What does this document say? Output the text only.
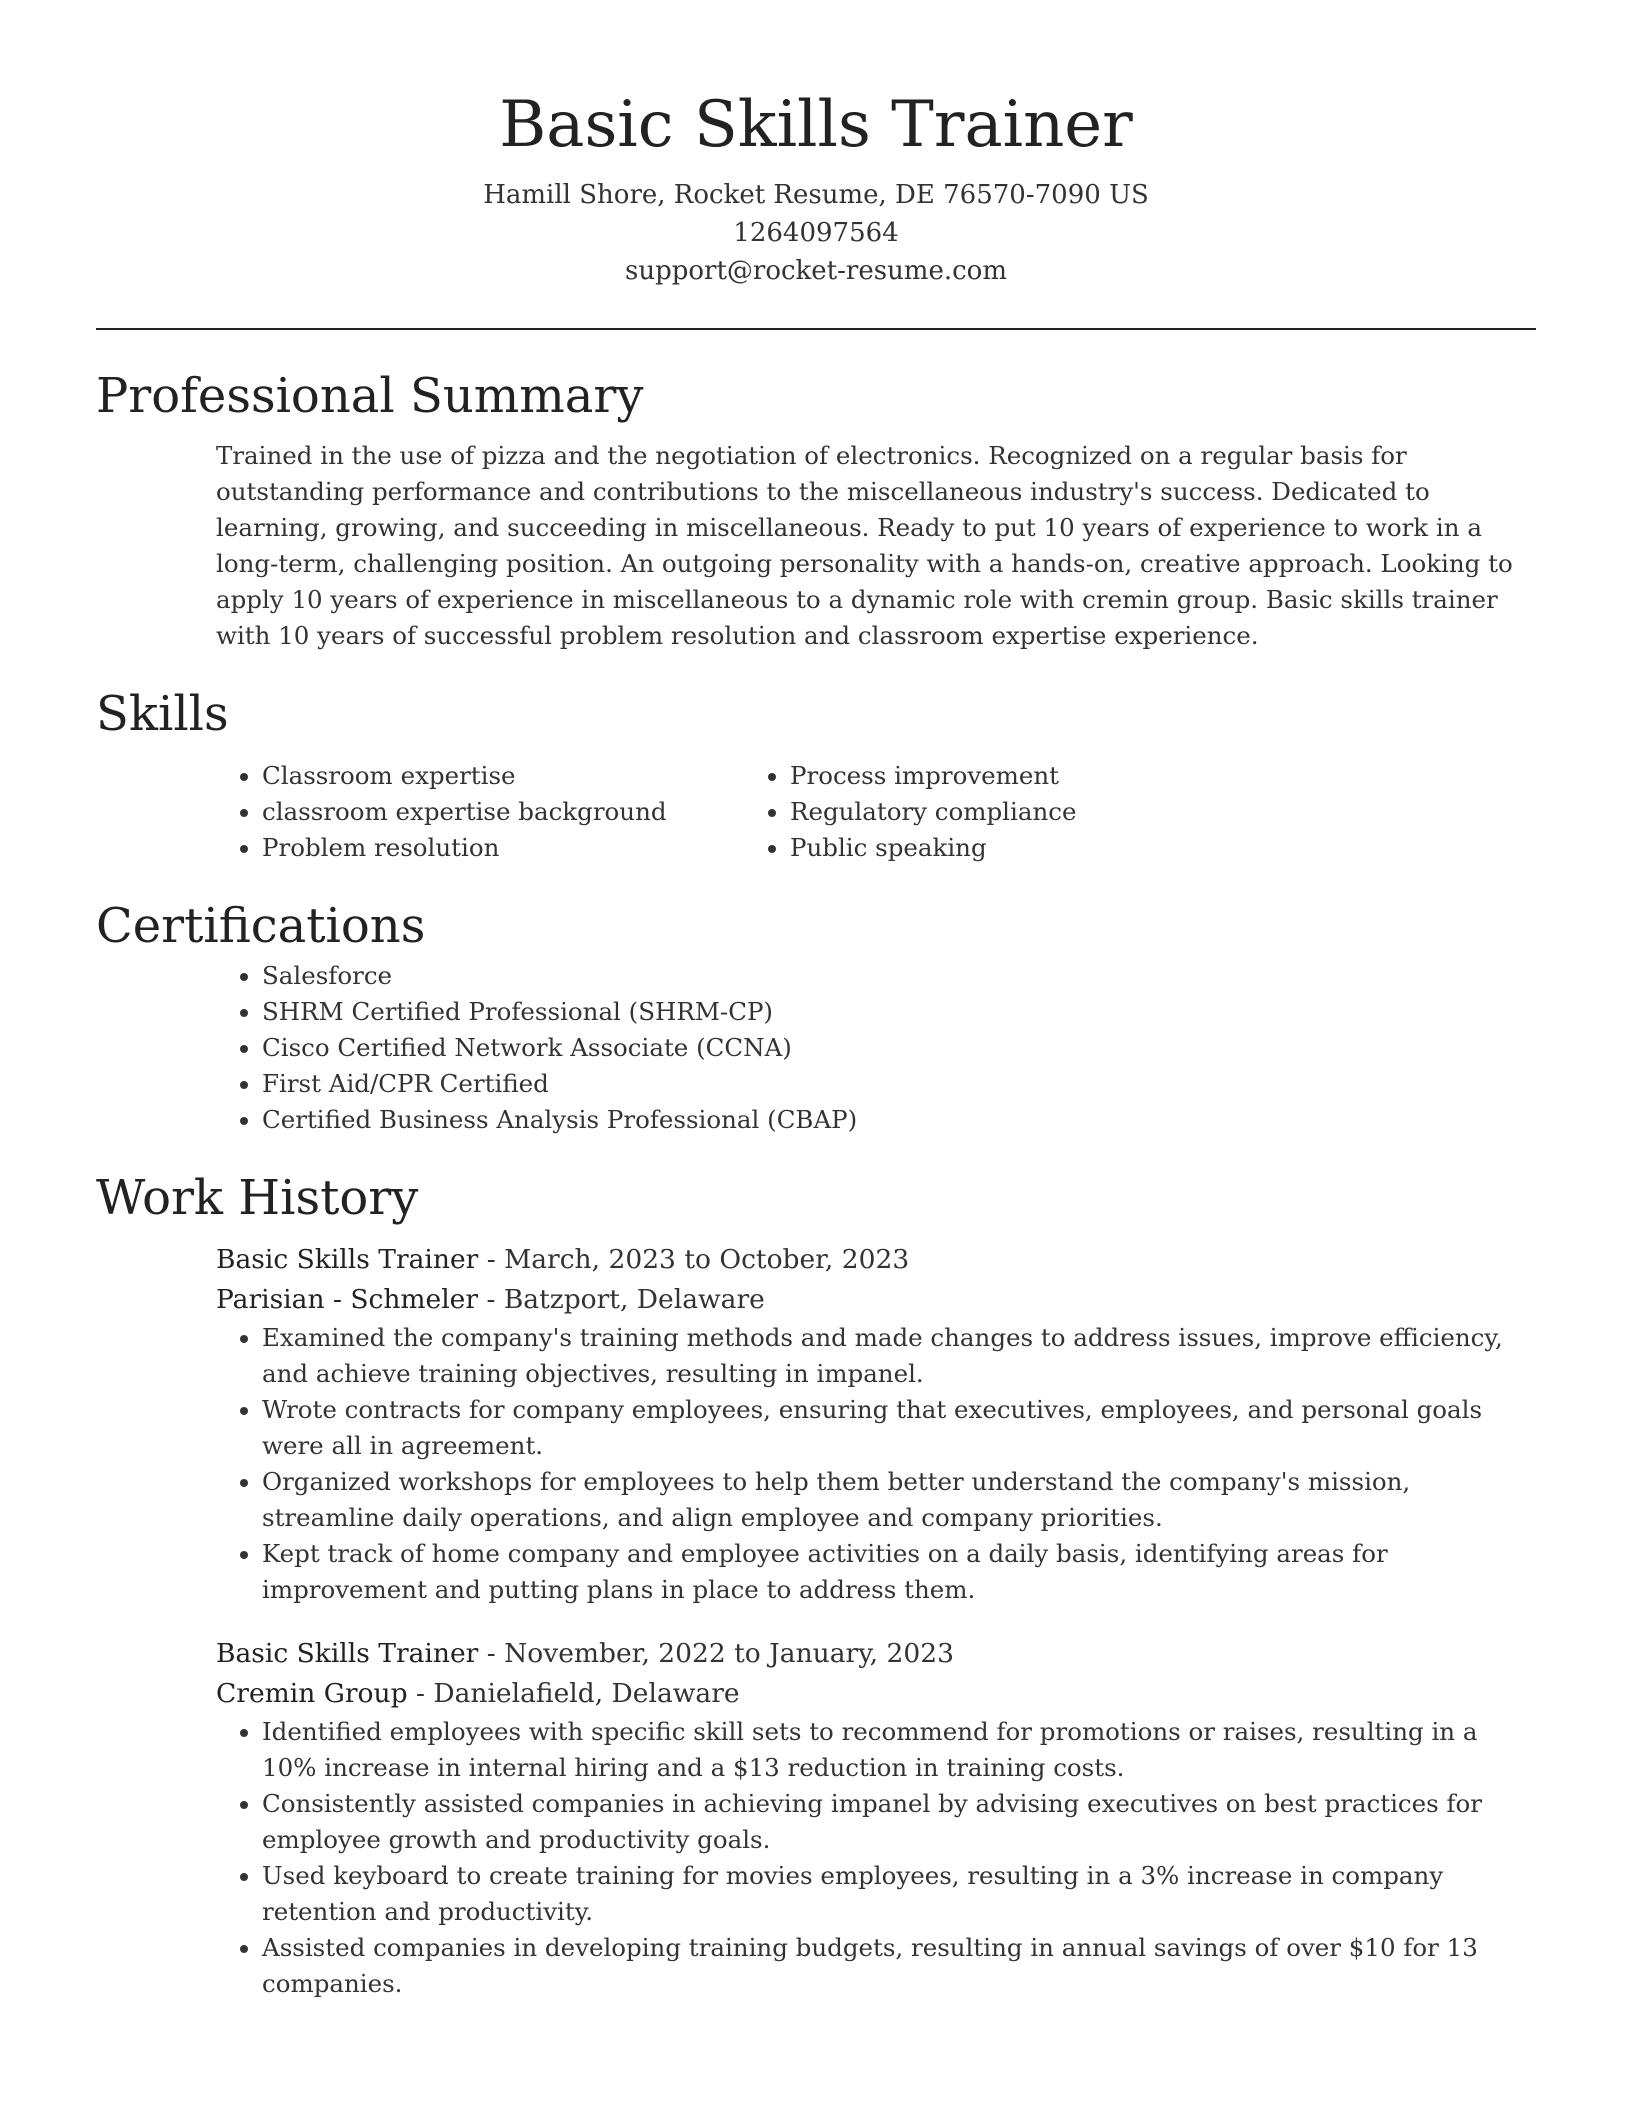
Basic Skills Trainer

Hamill Shore, Rocket Resume, DE 76570-7090 US

1264097564

support@rocket-resume.com

Professional Summary

Trained in the use of pizza and the negotiation of electronics. Recognized on a regular basis for outstanding performance and contributions to the miscellaneous industry's success. Dedicated to learning, growing, and succeeding in miscellaneous. Ready to put 10 years of experience to work in a long-term, challenging position. An outgoing personality with a hands-on, creative approach. Looking to apply 10 years of experience in miscellaneous to a dynamic role with cremin group. Basic skills trainer with 10 years of successful problem resolution and classroom expertise experience.

Skills
• Classroom expertise
• classroom expertise background
• Problem resolution
• Process improvement
• Regulatory compliance
• Public speaking
Certifications
• Salesforce
• SHRM Certified Professional (SHRM-CP)
• Cisco Certified Network Associate (CCNA)
• First Aid/CPR Certified
• Certified Business Analysis Professional (CBAP)
Work History

Basic Skills Trainer - March, 2023 to October, 2023

Parisian - Schmeler - Batzport, Delaware

• Examined the company's training methods and made changes to address issues, improve efficiency, and achieve training objectives, resulting in impanel.
• Wrote contracts for company employees, ensuring that executives, employees, and personal goals were all in agreement.
• Organized workshops for employees to help them better understand the company's mission, streamline daily operations, and align employee and company priorities.
• Kept track of home company and employee activities on a daily basis, identifying areas for improvement and putting plans in place to address them.

Basic Skills Trainer - November, 2022 to January, 2023

Cremin Group - Danielafield, Delaware

• Identified employees with specific skill sets to recommend for promotions or raises, resulting in a 10% increase in internal hiring and a $13 reduction in training costs.
• Consistently assisted companies in achieving impanel by advising executives on best practices for employee growth and productivity goals.
• Used keyboard to create training for movies employees, resulting in a 3% increase in company retention and productivity.
• Assisted companies in developing training budgets, resulting in annual savings of over $10 for 13 companies.
